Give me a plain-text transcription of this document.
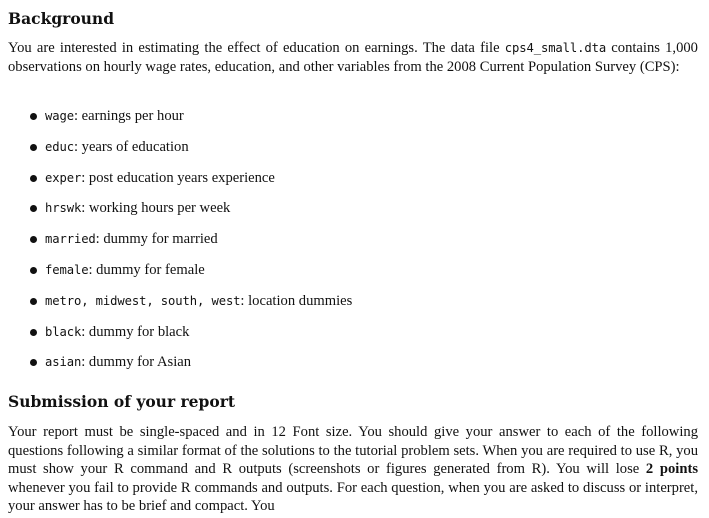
Background

You are interested in estimating the effect of education on earnings. The data file cps4_small.dta contains 1,000 observations on hourly wage rates, education, and other variables from the 2008 Current Population Survey (CPS):

wage: earnings per hour
educ: years of education
exper: post education years experience
hrswk: working hours per week
married: dummy for married
female: dummy for female
metro, midwest, south, west: location dummies
black: dummy for black
asian: dummy for Asian
Submission of your report

Your report must be single-spaced and in 12 Font size. You should give your answer to each of the following questions following a similar format of the solutions to the tutorial problem sets. When you are required to use R, you must show your R command and R outputs (screenshots or figures generated from R). You will lose 2 points whenever you fail to provide R commands and outputs. For each question, when you are asked to discuss or interpret, your answer has to be brief and compact. You
